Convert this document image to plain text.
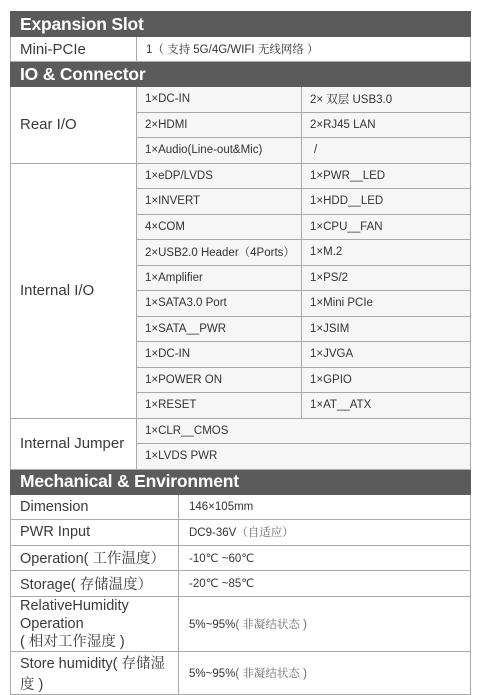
Expansion Slot			
Mini-PCIe	1（ 支持 5G/4G/WIFI 无线网络 ）		
IO & Connector			
Rear I/O	1×DC-IN		2× 双层 USB3.0
	2×HDMI		2×RJ45 LAN
	1×Audio(Line-out&Mic)		/
Internal I/O	1×eDP/LVDS		1×PWR__LED
	1×INVERT		1×HDD__LED
	4×COM		1×CPU__FAN
	2×USB2.0 Header（4Ports）		1×M.2
	1×Amplifier		1×PS/2
	1×SATA3.0 Port		1×Mini PCIe
	1×SATA__PWR		1×JSIM
	1×DC-IN		1×JVGA
	1×POWER ON		1×GPIO
	1×RESET		1×AT__ATX
Internal Jumper	1×CLR__CMOS		
	1×LVDS PWR		
Mechanical & Environment			
Dimension		146×105mm	
PWR Input		DC9-36V（自适应）	
Operation( 工作温度）		-10℃ ~60℃	
Storage( 存储温度）		-20℃ ~85℃	
RelativeHumidity Operation
( 相对工作湿度 )		5%~95%( 非凝结状态 )	
Store humidity( 存储湿度 )		5%~95%( 非凝结状态 )	
